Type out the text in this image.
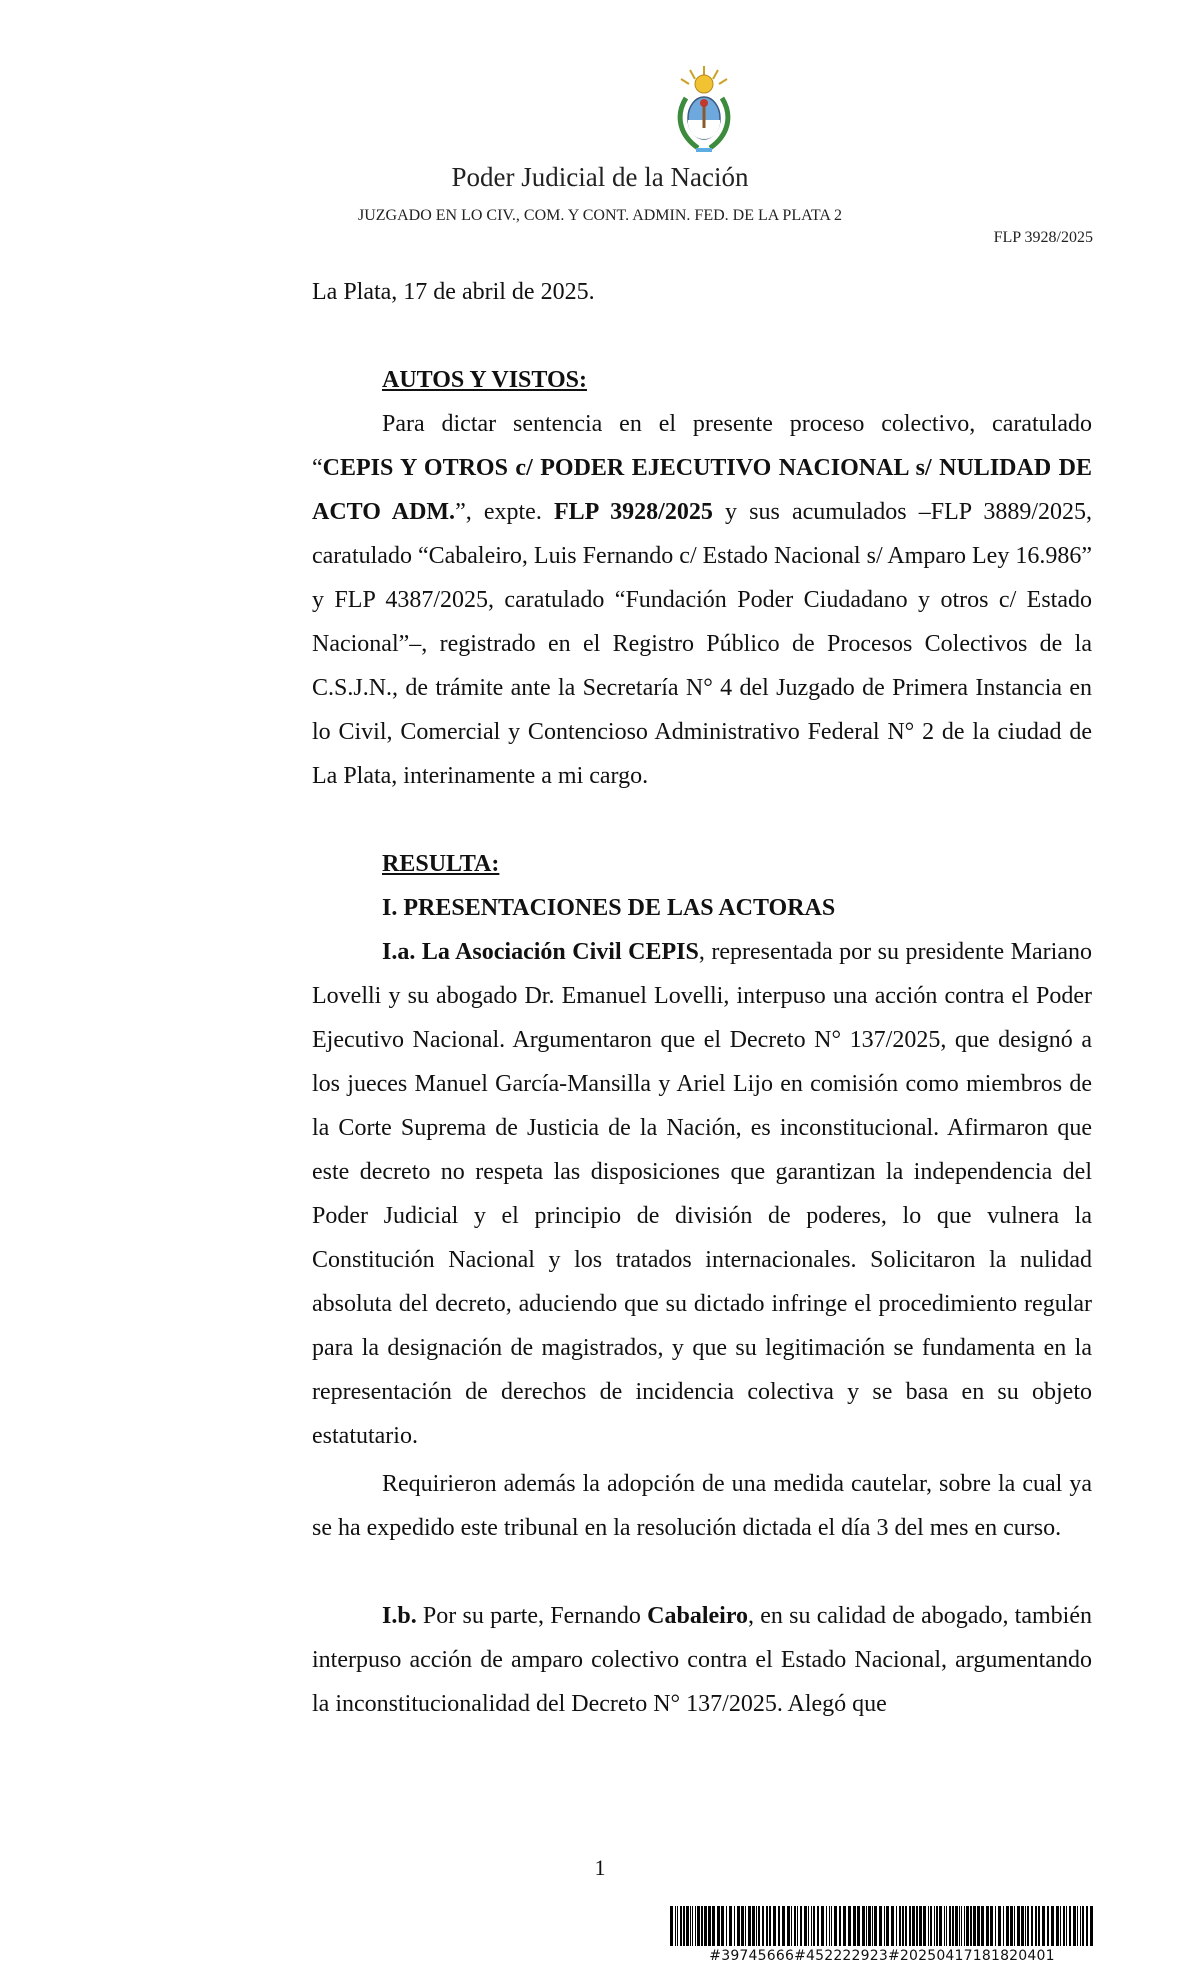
Poder Judicial de la Nación
JUZGADO EN LO CIV., COM. Y CONT. ADMIN. FED. DE LA PLATA 2
FLP 3928/2025

La Plata, 17 de abril de 2025.

AUTOS Y VISTOS:

Para dictar sentencia en el presente proceso colectivo, caratulado “CEPIS Y OTROS c/ PODER EJECUTIVO NACIONAL s/ NULIDAD DE ACTO ADM.”, expte. FLP 3928/2025 y sus acumulados –FLP 3889/2025, caratulado “Cabaleiro, Luis Fernando c/ Estado Nacional s/ Amparo Ley 16.986” y FLP 4387/2025, caratulado “Fundación Poder Ciudadano y otros c/ Estado Nacional”–, registrado en el Registro Público de Procesos Colectivos de la C.S.J.N., de trámite ante la Secretaría N° 4 del Juzgado de Primera Instancia en lo Civil, Comercial y Contencioso Administrativo Federal N° 2 de la ciudad de La Plata, interinamente a mi cargo.

RESULTA:

I. PRESENTACIONES DE LAS ACTORAS

I.a. La Asociación Civil CEPIS, representada por su presidente Mariano Lovelli y su abogado Dr. Emanuel Lovelli, interpuso una acción contra el Poder Ejecutivo Nacional. Argumentaron que el Decreto N° 137/2025, que designó a los jueces Manuel García-Mansilla y Ariel Lijo en comisión como miembros de la Corte Suprema de Justicia de la Nación, es inconstitucional. Afirmaron que este decreto no respeta las disposiciones que garantizan la independencia del Poder Judicial y el principio de división de poderes, lo que vulnera la Constitución Nacional y los tratados internacionales. Solicitaron la nulidad absoluta del decreto, aduciendo que su dictado infringe el procedimiento regular para la designación de magistrados, y que su legitimación se fundamenta en la representación de derechos de incidencia colectiva y se basa en su objeto estatutario.

Requirieron además la adopción de una medida cautelar, sobre la cual ya se ha expedido este tribunal en la resolución dictada el día 3 del mes en curso.

I.b. Por su parte, Fernando Cabaleiro, en su calidad de abogado, también interpuso acción de amparo colectivo contra el Estado Nacional, argumentando la inconstitucionalidad del Decreto N° 137/2025. Alegó que

1
#39745666#452222923#20250417181820401
